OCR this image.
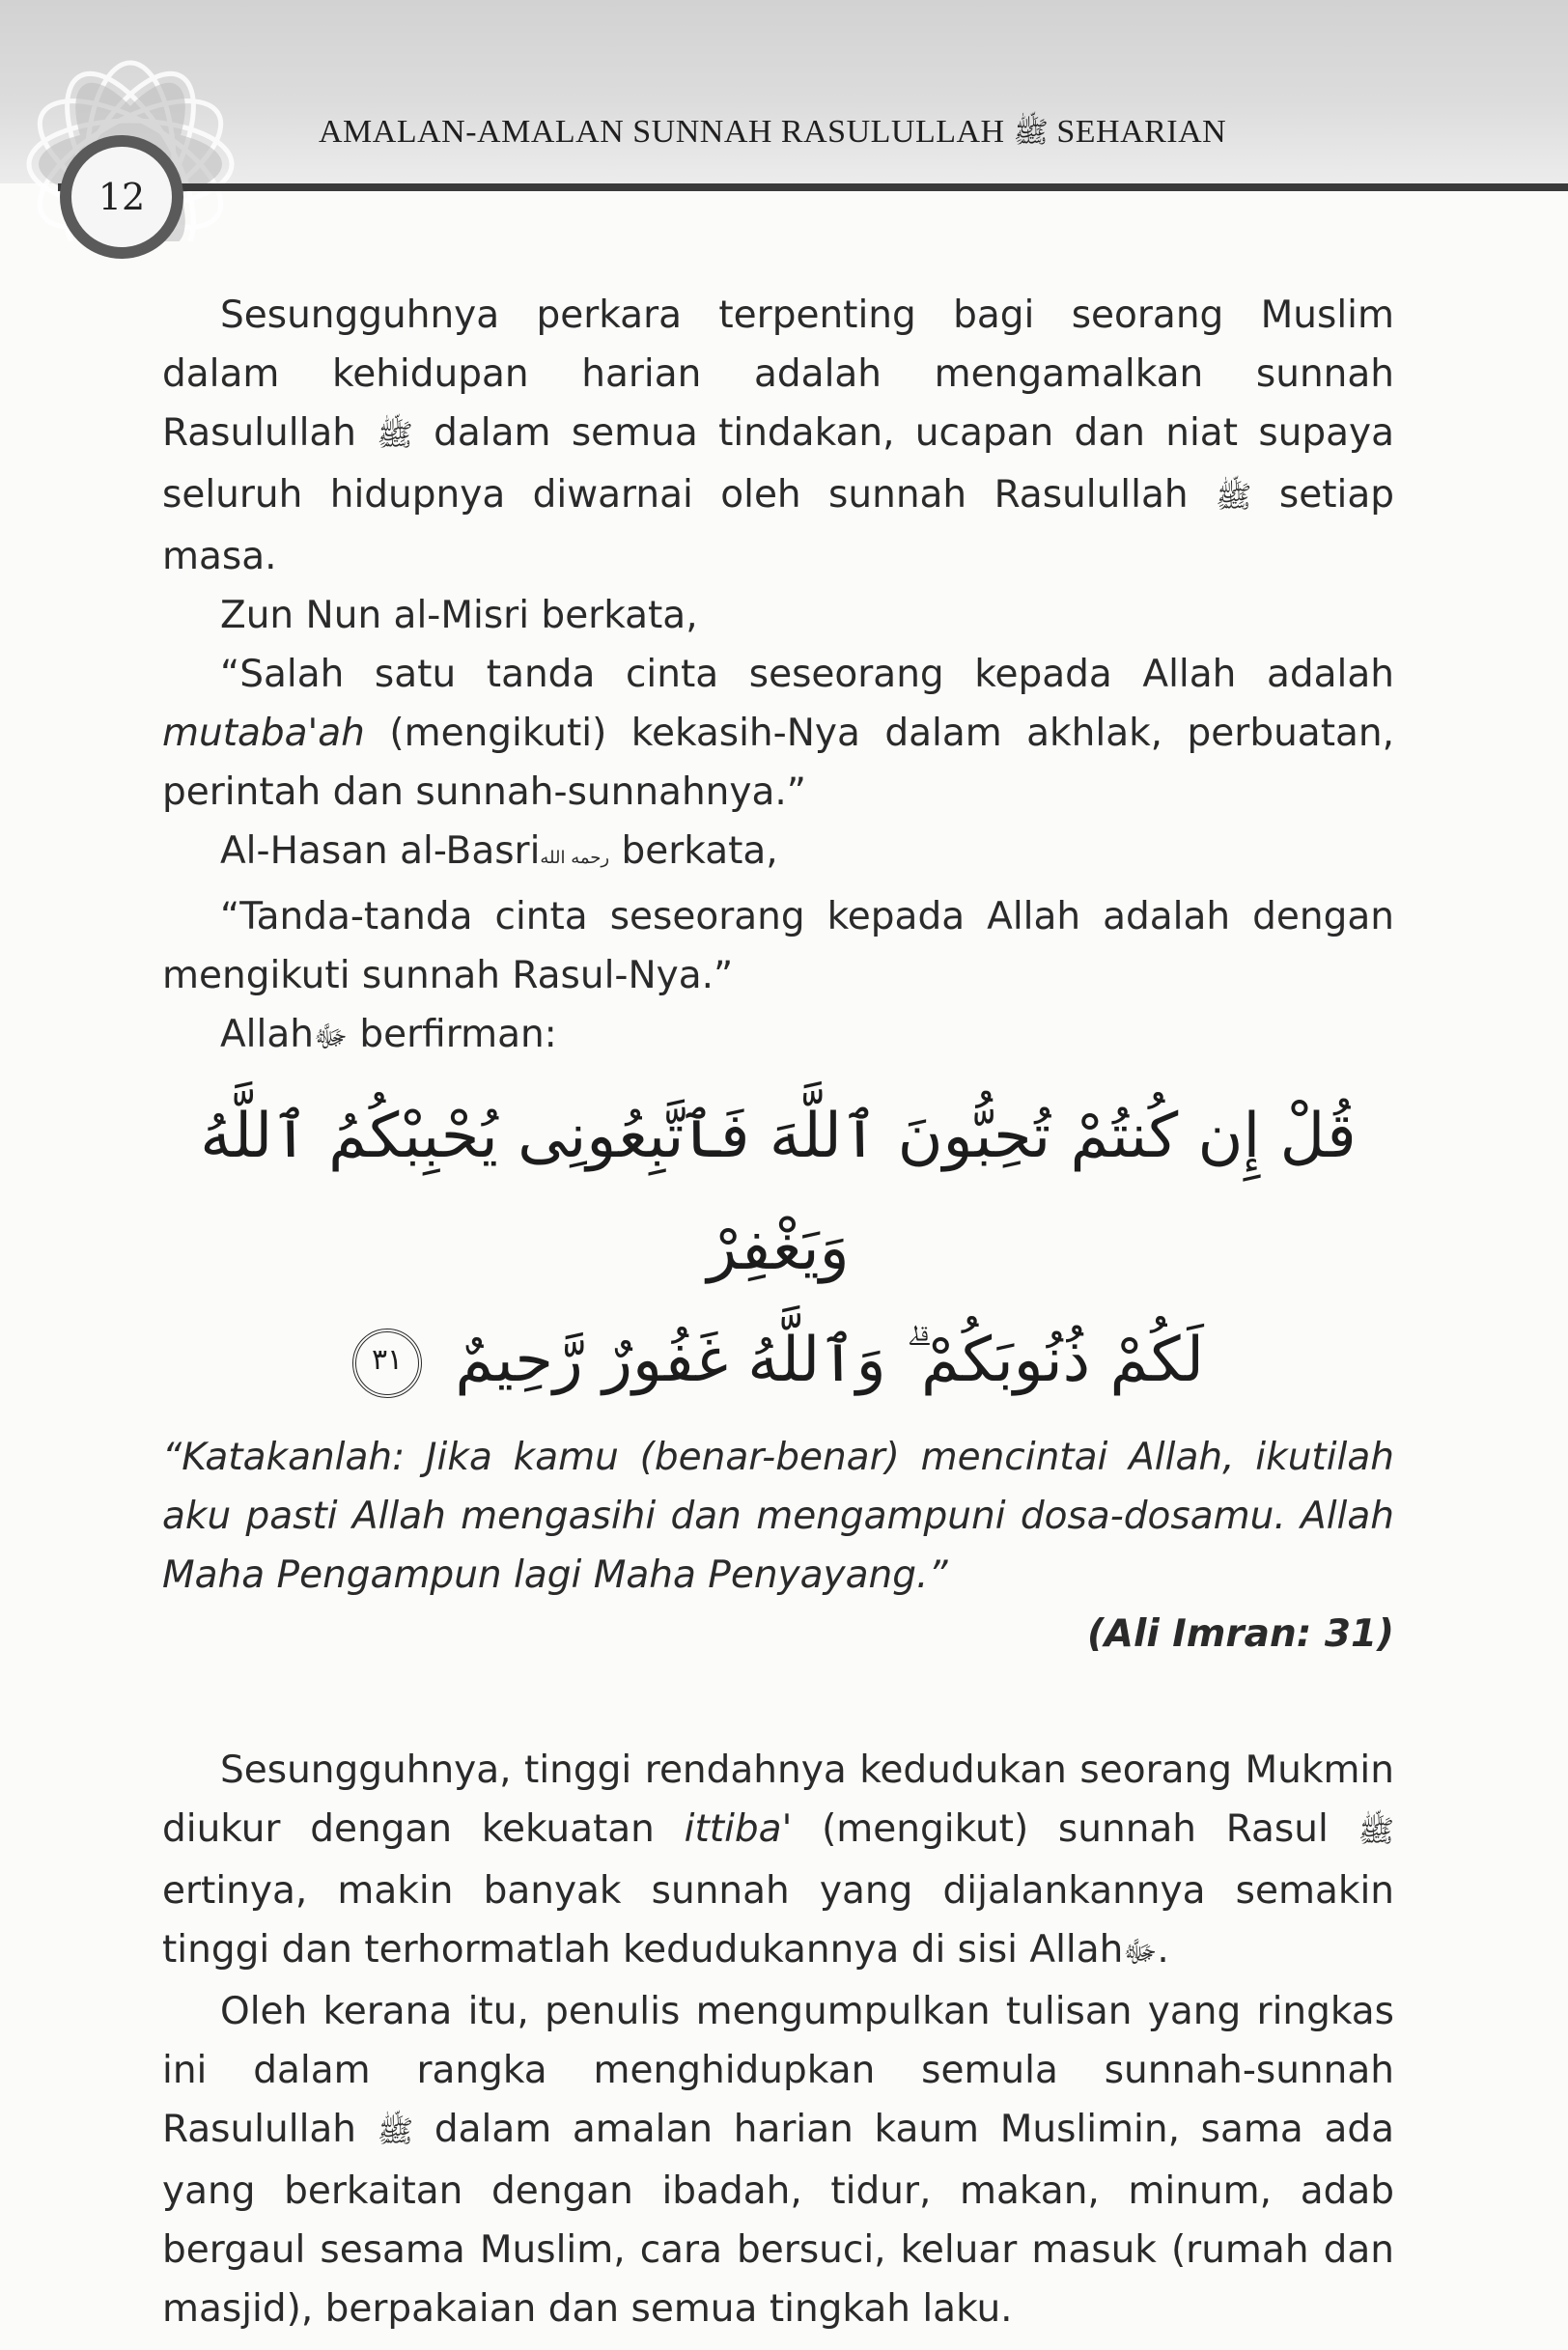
12
AMALAN-AMALAN SUNNAH RASULULLAH ﷺ SEHARIAN

Sesungguhnya perkara terpenting bagi seorang Muslim dalam kehidupan harian adalah mengamalkan sunnah Rasulullah ﷺ dalam semua tindakan, ucapan dan niat supaya seluruh hidupnya diwarnai oleh sunnah Rasulullah ﷺ setiap masa.

Zun Nun al-Misri berkata,

“Salah satu tanda cinta seseorang kepada Allah adalah mutaba'ah (mengikuti) kekasih-Nya dalam akhlak, perbuatan, perintah dan sunnah-sunnahnya.”

Al-Hasan al-Basriرحمه الله berkata,

“Tanda-tanda cinta seseorang kepada Allah adalah dengan mengikuti sunnah Rasul-Nya.”

Allahﷻ berfirman:

قُلْ إِن كُنتُمْ تُحِبُّونَ ٱللَّهَ فَٱتَّبِعُونِى يُحْبِبْكُمُ ٱللَّهُ وَيَغْفِرْ
لَكُمْ ذُنُوبَكُمْ ۗ وَٱللَّهُ غَفُورٌ رَّحِيمٌ ٣١

“Katakanlah: Jika kamu (benar-benar) mencintai Allah, ikutilah aku pasti Allah mengasihi dan mengampuni dosa-dosamu. Allah Maha Pengampun lagi Maha Penyayang.”

(Ali Imran: 31)

Sesungguhnya, tinggi rendahnya kedudukan seorang Mukmin diukur dengan kekuatan ittiba' (mengikut) sunnah Rasul ﷺ ertinya, makin banyak sunnah yang dijalankannya semakin tinggi dan terhormatlah kedudukannya di sisi Allahﷻ.

Oleh kerana itu, penulis mengumpulkan tulisan yang ringkas ini dalam rangka menghidupkan semula sunnah-sunnah Rasulullah ﷺ dalam amalan harian kaum Muslimin, sama ada yang berkaitan dengan ibadah, tidur, makan, minum, adab bergaul sesama Muslim, cara bersuci, keluar masuk (rumah dan masjid), berpakaian dan semua tingkah laku.
